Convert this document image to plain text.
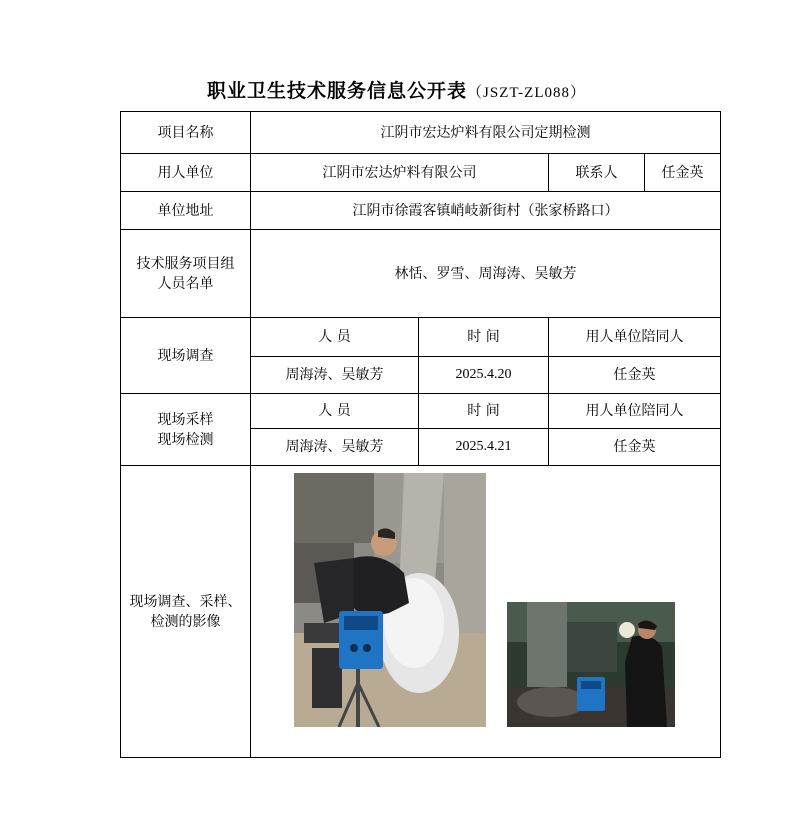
职业卫生技术服务信息公开表（JSZT-ZL088）
项目名称	江阴市宏达炉料有限公司定期检测			
用人单位	江阴市宏达炉料有限公司		联系人	任金英
单位地址	江阴市徐霞客镇峭岐新街村（张家桥路口）			

技术服务项目组
人员名单	林恬、罗雪、周海涛、吴敏芳			
现场调查	人 员	时 间	用人单位陪同人	
	周海涛、吴敏芳	2025.4.20	任金英	

现场采样
现场检测	人 员	时 间	用人单位陪同人	
	周海涛、吴敏芳	2025.4.21	任金英	

现场调查、采样、
检测的影像
